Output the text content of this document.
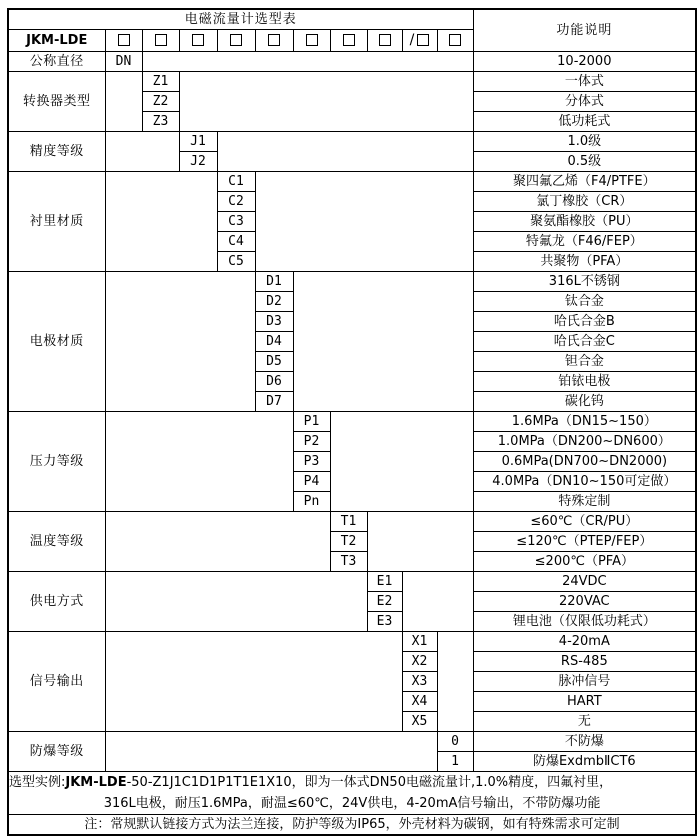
电磁流量计选型表											功能说明
JKM-LDE									/		
公称直径	DN										10-2000
转换器类型		Z1									一体式
		Z2									分体式
		Z3									低功耗式
精度等级			J1								1.0级
			J2								0.5级
衬里材质				C1							聚四氟乙烯（F4/PTFE）
				C2							氯丁橡胶（CR）
				C3							聚氨酯橡胶（PU）
				C4							特氟龙（F46/FEP）
				C5							共聚物（PFA）
电极材质					D1						316L不锈钢
					D2						钛合金
					D3						哈氏合金B
					D4						哈氏合金C
					D5						钽合金
					D6						铂铱电极
					D7						碳化钨
压力等级						P1					1.6MPa（DN15~150）
						P2					1.0MPa（DN200~DN600）
						P3					0.6MPa(DN700~DN2000)
						P4					4.0MPa（DN10~150可定做）
						Pn					特殊定制
温度等级							T1				≤60℃（CR/PU）
							T2				≤120℃（PTEP/FEP）
							T3				≤200℃（PFA）
供电方式								E1			24VDC
								E2			220VAC
								E3			锂电池（仅限低功耗式）
信号输出									X1		4-20mA
									X2		RS-485
									X3		脉冲信号
									X4		HART
									X5		无
防爆等级										0	不防爆
										1	防爆ExdmbⅡCT6

选型实例:JKM-LDE-50-Z1J1C1D1P1T1E1X10，即为一体式DN50电磁流量计,1.0%精度，四氟衬里，
316L电极，耐压1.6MPa，耐温≤60℃，24V供电，4-20mA信号输出，不带防爆功能											

注：常规默认链接方式为法兰连接，防护等级为IP65，外壳材料为碳钢，如有特殊需求可定制											
